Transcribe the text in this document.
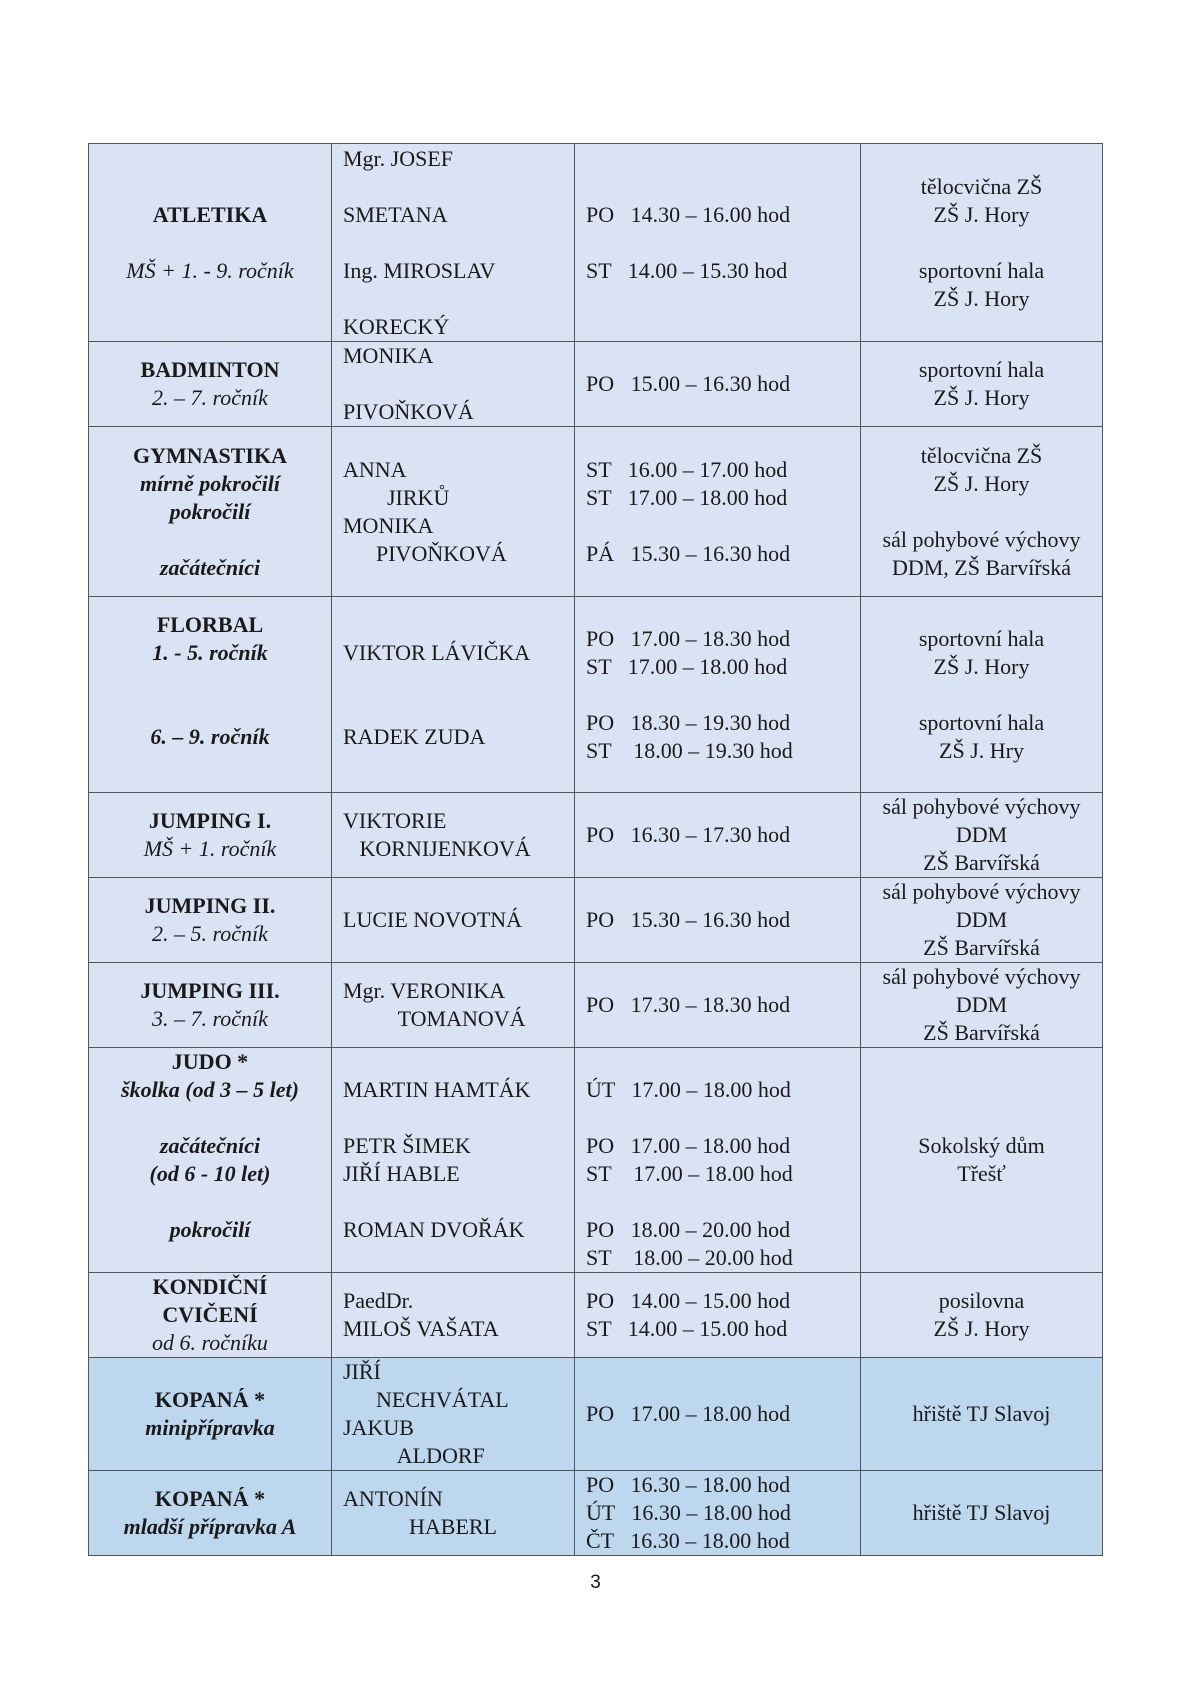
ATLETIKA
MŠ + 1. - 9. ročník	Mgr. JOSEF
SMETANA
Ing. MIROSLAV
KORECKÝ	PO   14.30 – 16.00 hod
ST   14.00 – 15.30 hod	tělocvična ZŠ
ZŠ J. Hory
sportovní hala
ZŠ J. Hory

BADMINTON
2. – 7. ročník	MONIKA
PIVOŇKOVÁ	PO   15.00 – 16.30 hod	sportovní hala
ZŠ J. Hory

GYMNASTIKA
mírně pokročilí
pokročilí
začátečníci	ANNA
JIRKŮ
MONIKA
PIVOŇKOVÁ	ST   16.00 – 17.00 hod
ST   17.00 – 18.00 hod
PÁ   15.30 – 16.30 hod	tělocvična ZŠ
ZŠ J. Hory
sál pohybové výchovy
DDM, ZŠ Barvířská

FLORBAL
1. - 5. ročník
6. – 9. ročník	VIKTOR LÁVIČKA
RADEK ZUDA	PO   17.00 – 18.30 hod
ST   17.00 – 18.00 hod
PO   18.30 – 19.30 hod
ST    18.00 – 19.30 hod	sportovní hala
ZŠ J. Hory
sportovní hala
ZŠ J. Hry

JUMPING I.
MŠ + 1. ročník	VIKTORIE
KORNIJENKOVÁ	PO   16.30 – 17.30 hod	sál pohybové výchovy
DDM
ZŠ Barvířská

JUMPING II.
2. – 5. ročník	LUCIE NOVOTNÁ	PO   15.30 – 16.30 hod	sál pohybové výchovy
DDM
ZŠ Barvířská

JUMPING III.
3. – 7. ročník	Mgr. VERONIKA
TOMANOVÁ	PO   17.30 – 18.30 hod	sál pohybové výchovy
DDM
ZŠ Barvířská

JUDO *
školka (od 3 – 5 let)
začátečníci
(od 6 - 10 let)
pokročilí	MARTIN HAMTÁK
PETR ŠIMEK
JIŘÍ HABLE
ROMAN DVOŘÁK	ÚT   17.00 – 18.00 hod
PO   17.00 – 18.00 hod
ST    17.00 – 18.00 hod
PO   18.00 – 20.00 hod
ST    18.00 – 20.00 hod	Sokolský dům
Třešť

KONDIČNÍ
CVIČENÍ
od 6. ročníku	PaedDr.
MILOŠ VAŠATA	PO   14.00 – 15.00 hod
ST   14.00 – 15.00 hod	posilovna
ZŠ J. Hory

KOPANÁ *
minipřípravka	JIŘÍ
NECHVÁTAL
JAKUB
ALDORF	PO   17.00 – 18.00 hod	hřiště TJ Slavoj

KOPANÁ *
mladší přípravka A	ANTONÍN
HABERL	PO   16.30 – 18.00 hod
ÚT   16.30 – 18.00 hod
ČT   16.30 – 18.00 hod	hřiště TJ Slavoj
3
